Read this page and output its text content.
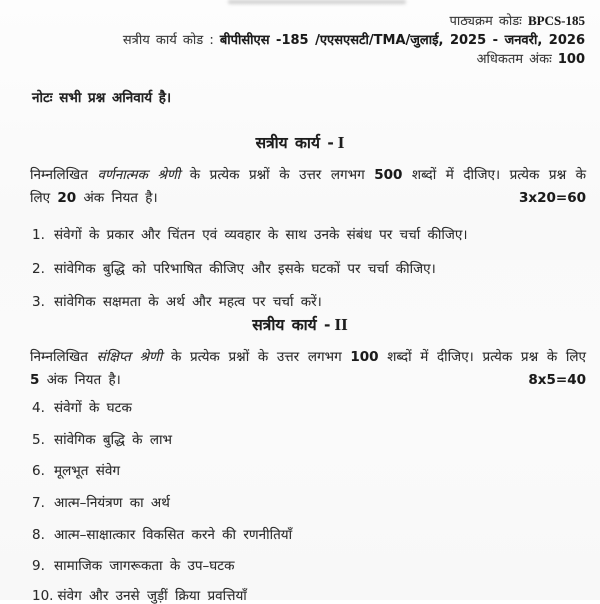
पाठ्यक्रम कोडः BPCS-185
सत्रीय कार्य कोड : बीपीसीएस -185 /एएसएसटी/TMA/जुलाई, 2025 - जनवरी, 2026
अधिकतम अंकः 100
नोटः सभी प्रश्न अनिवार्य है।
सत्रीय कार्य - I
निम्नलिखित वर्णनात्मक श्रेणी के प्रत्येक प्रश्नों के उत्तर लगभग 500 शब्दों में दीजिए। प्रत्येक प्रश्न के
लिए 20 अंक नियत है।	3x20=60
1. संवेगों के प्रकार और चिंतन एवं व्यवहार के साथ उनके संबंध पर चर्चा कीजिए।
2. सांवेगिक बुद्धि को परिभाषित कीजिए और इसके घटकों पर चर्चा कीजिए।
3. सांवेगिक सक्षमता के अर्थ और महत्व पर चर्चा करें।
सत्रीय कार्य - II
निम्नलिखित संक्षिप्त श्रेणी के प्रत्येक प्रश्नों के उत्तर लगभग 100 शब्दों में दीजिए। प्रत्येक प्रश्न के लिए
5 अंक नियत है।	8x5=40
4. संवेगों के घटक
5. सांवेगिक बुद्धि के लाभ
6. मूलभूत संवेग
7. आत्म–नियंत्रण का अर्थ
8. आत्म–साक्षात्कार विकसित करने की रणनीतियाँ
9. सामाजिक जागरूकता के उप–घटक
10. संवेग और उनसे जुड़ीं क्रिया प्रवत्तियाँ
